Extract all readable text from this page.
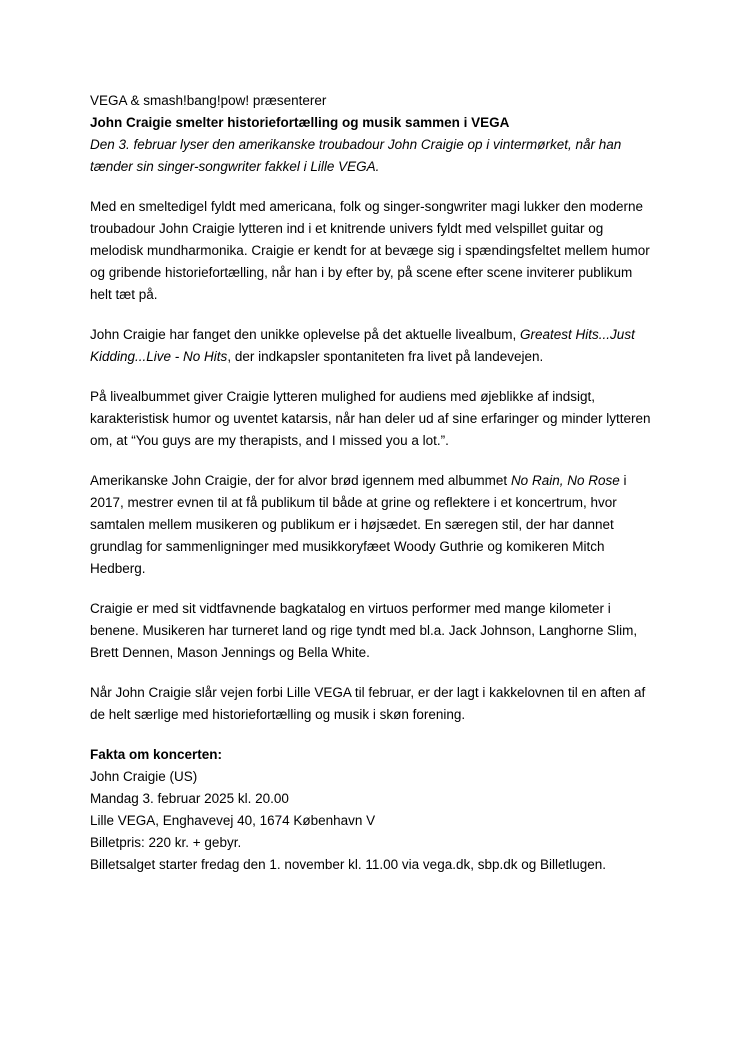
VEGA & smash!bang!pow! præsenterer

John Craigie smelter historiefortælling og musik sammen i VEGA

Den 3. februar lyser den amerikanske troubadour John Craigie op i vintermørket, når han tænder sin singer-songwriter fakkel i Lille VEGA.

Med en smeltedigel fyldt med americana, folk og singer-songwriter magi lukker den moderne troubadour John Craigie lytteren ind i et knitrende univers fyldt med velspillet guitar og melodisk mundharmonika. Craigie er kendt for at bevæge sig i spændingsfeltet mellem humor og gribende historiefortælling, når han i by efter by, på scene efter scene inviterer publikum helt tæt på.

John Craigie har fanget den unikke oplevelse på det aktuelle livealbum, Greatest Hits...Just Kidding...Live - No Hits, der indkapsler spontaniteten fra livet på landevejen.

På livealbummet giver Craigie lytteren mulighed for audiens med øjeblikke af indsigt, karakteristisk humor og uventet katarsis, når han deler ud af sine erfaringer og minder lytteren om, at “You guys are my therapists, and I missed you a lot.”.

Amerikanske John Craigie, der for alvor brød igennem med albummet No Rain, No Rose i 2017, mestrer evnen til at få publikum til både at grine og reflektere i et koncertrum, hvor samtalen mellem musikeren og publikum er i højsædet. En særegen stil, der har dannet grundlag for sammenligninger med musikkoryfæet Woody Guthrie og komikeren Mitch Hedberg.

Craigie er med sit vidtfavnende bagkatalog en virtuos performer med mange kilometer i benene. Musikeren har turneret land og rige tyndt med bl.a. Jack Johnson, Langhorne Slim, Brett Dennen, Mason Jennings og Bella White.

Når John Craigie slår vejen forbi Lille VEGA til februar, er der lagt i kakkelovnen til en aften af de helt særlige med historiefortælling og musik i skøn forening.

Fakta om koncerten:

John Craigie (US)
Mandag 3. februar 2025 kl. 20.00
Lille VEGA, Enghavevej 40, 1674 København V
Billetpris: 220 kr. + gebyr.
Billetsalget starter fredag den 1. november kl. 11.00 via vega.dk, sbp.dk og Billetlugen.
